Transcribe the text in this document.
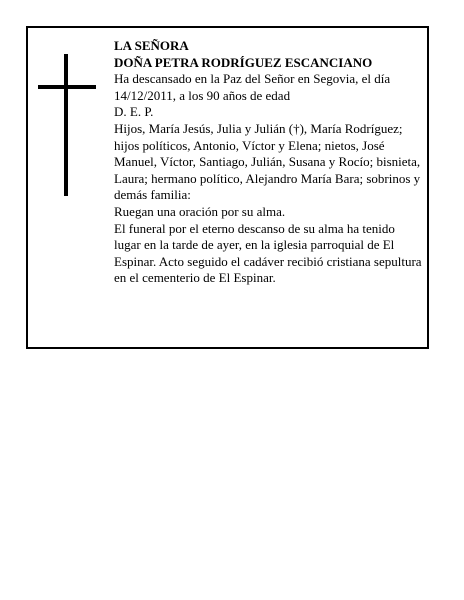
LA SEÑORA

DOÑA PETRA RODRÍGUEZ ESCANCIANO

Ha descansado en la Paz del Señor en Segovia, el día 14/12/2011, a los 90 años de edad

D. E. P.

Hijos, María Jesús, Julia y Julián (†), María Rodríguez; hijos políticos, Antonio, Víctor y Elena; nietos, José Manuel, Víctor, Santiago, Julián, Susana y Rocío; bisnieta, Laura; hermano político, Alejandro María Bara; sobrinos y demás familia:

Ruegan una oración por su alma.

El funeral por el eterno descanso de su alma ha tenido lugar en la tarde de ayer, en la iglesia parroquial de El Espinar. Acto seguido el cadáver recibió cristiana sepultura en el cementerio de El Espinar.
